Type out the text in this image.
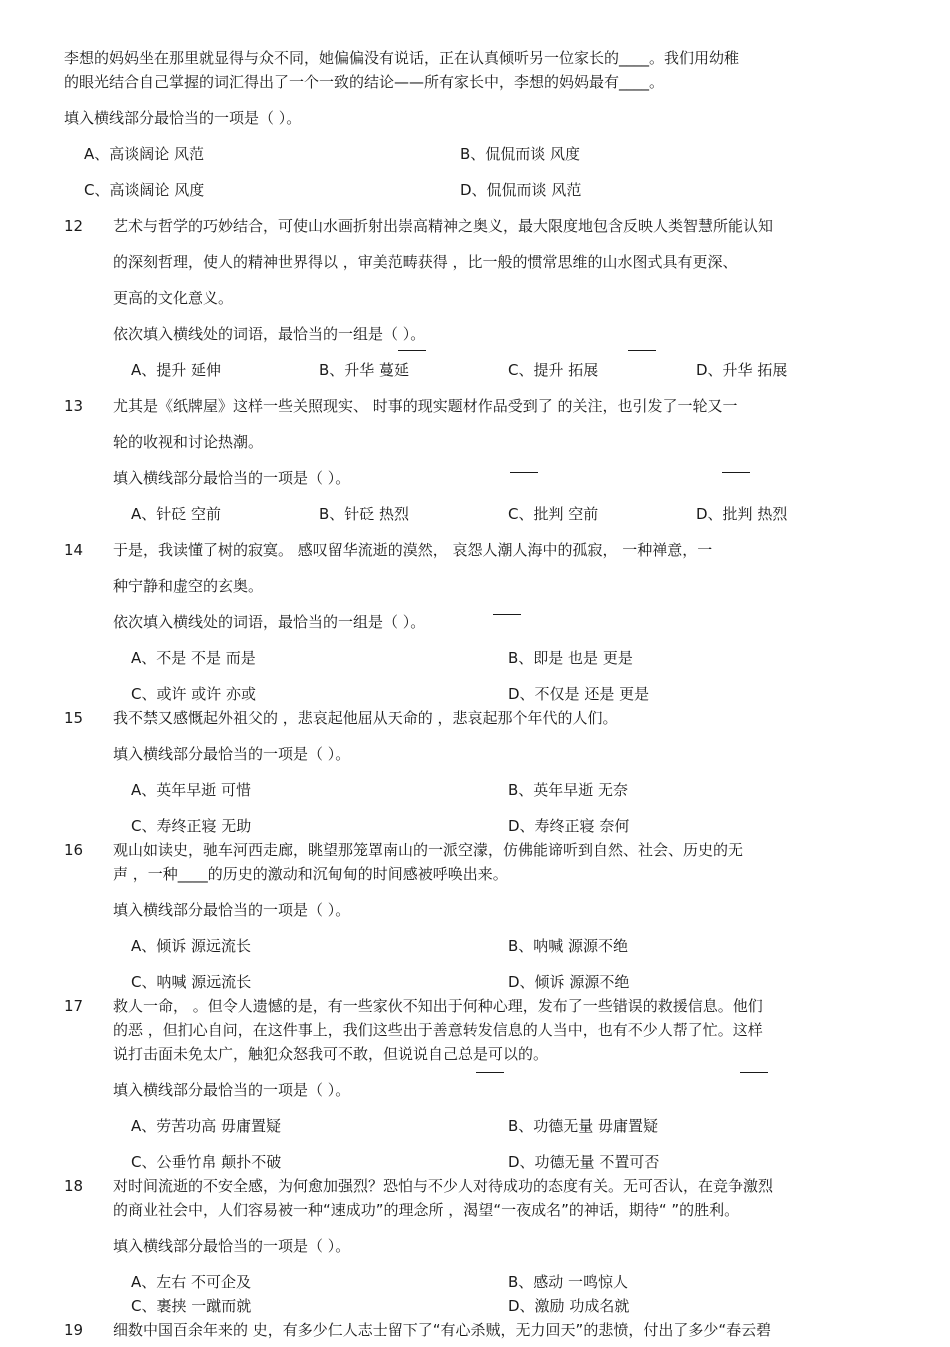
李想的妈妈坐在那里就显得与众不同，她偏偏没有说话，正在认真倾听另一位家长的____。我们用幼稚
的眼光结合自己掌握的词汇得出了一个一致的结论——所有家长中，李想的妈妈最有____。
填入横线部分最恰当的一项是（ ）。
A、高谈阔论 风范	B、侃侃而谈 风度
C、高谈阔论 风度	D、侃侃而谈 风范
12 艺术与哲学的巧妙结合，可使山水画折射出崇高精神之奥义，最大限度地包含反映人类智慧所能认知
的深刻哲理，使人的精神世界得以 ，审美范畴获得 ，比一般的惯常思维的山水图式具有更深、
更高的文化意义。
依次填入横线处的词语，最恰当的一组是（ ）。
A、提升 延伸	B、升华 蔓延	C、提升 拓展	D、升华 拓展
13 尤其是《纸牌屋》这样一些关照现实、 时事的现实题材作品受到了 的关注，也引发了一轮又一
轮的收视和讨论热潮。
填入横线部分最恰当的一项是（ ）。
A、针砭 空前	B、针砭 热烈	C、批判 空前	D、批判 热烈
14 于是，我读懂了树的寂寞。 感叹留华流逝的漠然， 哀怨人潮人海中的孤寂， 一种禅意，一
种宁静和虚空的玄奥。
依次填入横线处的词语，最恰当的一组是（ ）。
A、不是 不是 而是	B、即是 也是 更是
C、或许 或许 亦或	D、不仅是 还是 更是
15 我不禁又感慨起外祖父的 ，悲哀起他屈从天命的 ，悲哀起那个年代的人们。
填入横线部分最恰当的一项是（ ）。
A、英年早逝 可惜	B、英年早逝 无奈
C、寿终正寝 无助	D、寿终正寝 奈何
16 观山如读史，驰车河西走廊，眺望那笼罩南山的一派空濛，仿佛能谛听到自然、社会、历史的无
声 ，一种____的历史的激动和沉甸甸的时间感被呼唤出来。
填入横线部分最恰当的一项是（ ）。
A、倾诉 源远流长	B、呐喊 源源不绝
C、呐喊 源远流长	D、倾诉 源源不绝
17 救人一命， 。但令人遗憾的是，有一些家伙不知出于何种心理，发布了一些错误的救援信息。他们
的恶 ，但扪心自问，在这件事上，我们这些出于善意转发信息的人当中，也有不少人帮了忙。这样
说打击面未免太广，触犯众怒我可不敢，但说说自己总是可以的。
填入横线部分最恰当的一项是（ ）。
A、劳苦功高 毋庸置疑	B、功德无量 毋庸置疑
C、公垂竹帛 颠扑不破	D、功德无量 不置可否
18 对时间流逝的不安全感，为何愈加强烈？恐怕与不少人对待成功的态度有关。无可否认，在竞争激烈
的商业社会中，人们容易被一种“速成功”的理念所 ，渴望“一夜成名”的神话，期待“ ”的胜利。
填入横线部分最恰当的一项是（ ）。
A、左右 不可企及	B、感动 一鸣惊人
C、裹挟 一蹴而就	D、激励 功成名就
19 细数中国百余年来的 史，有多少仁人志士留下了“有心杀贼，无力回天”的悲愤，付出了多少“春云碧
